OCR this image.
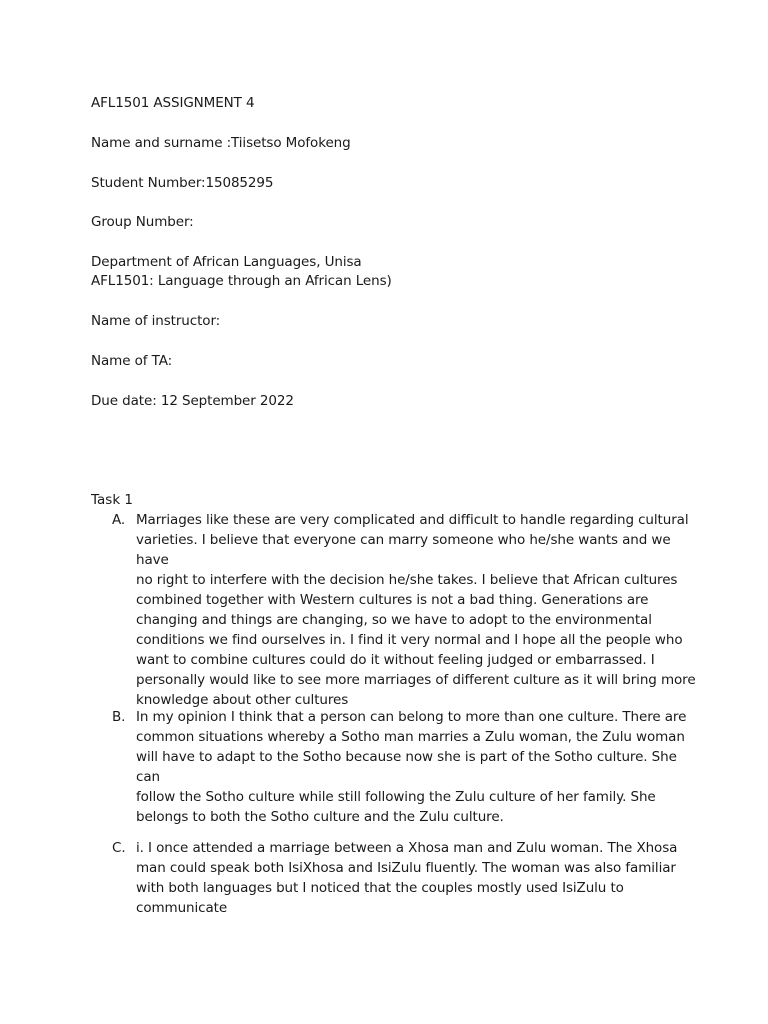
AFL1501 ASSIGNMENT 4
Name and surname :Tiisetso Mofokeng
Student Number:15085295
Group Number:
Department of African Languages, Unisa
AFL1501: Language through an African Lens)
Name of instructor:
Name of TA:
Due date: 12 September 2022
Task 1
A. Marriages like these are very complicated and difficult to handle regarding cultural
varieties. I believe that everyone can marry someone who he/she wants and we have
no right to interfere with the decision he/she takes. I believe that African cultures
combined together with Western cultures is not a bad thing. Generations are
changing and things are changing, so we have to adopt to the environmental
conditions we find ourselves in. I find it very normal and I hope all the people who
want to combine cultures could do it without feeling judged or embarrassed. I
personally would like to see more marriages of different culture as it will bring more
knowledge about other cultures
B. In my opinion I think that a person can belong to more than one culture. There are
common situations whereby a Sotho man marries a Zulu woman, the Zulu woman
will have to adapt to the Sotho because now she is part of the Sotho culture. She can
follow the Sotho culture while still following the Zulu culture of her family. She
belongs to both the Sotho culture and the Zulu culture.
C. i. I once attended a marriage between a Xhosa man and Zulu woman. The Xhosa
man could speak both IsiXhosa and IsiZulu fluently. The woman was also familiar
with both languages but I noticed that the couples mostly used IsiZulu to
communicate
